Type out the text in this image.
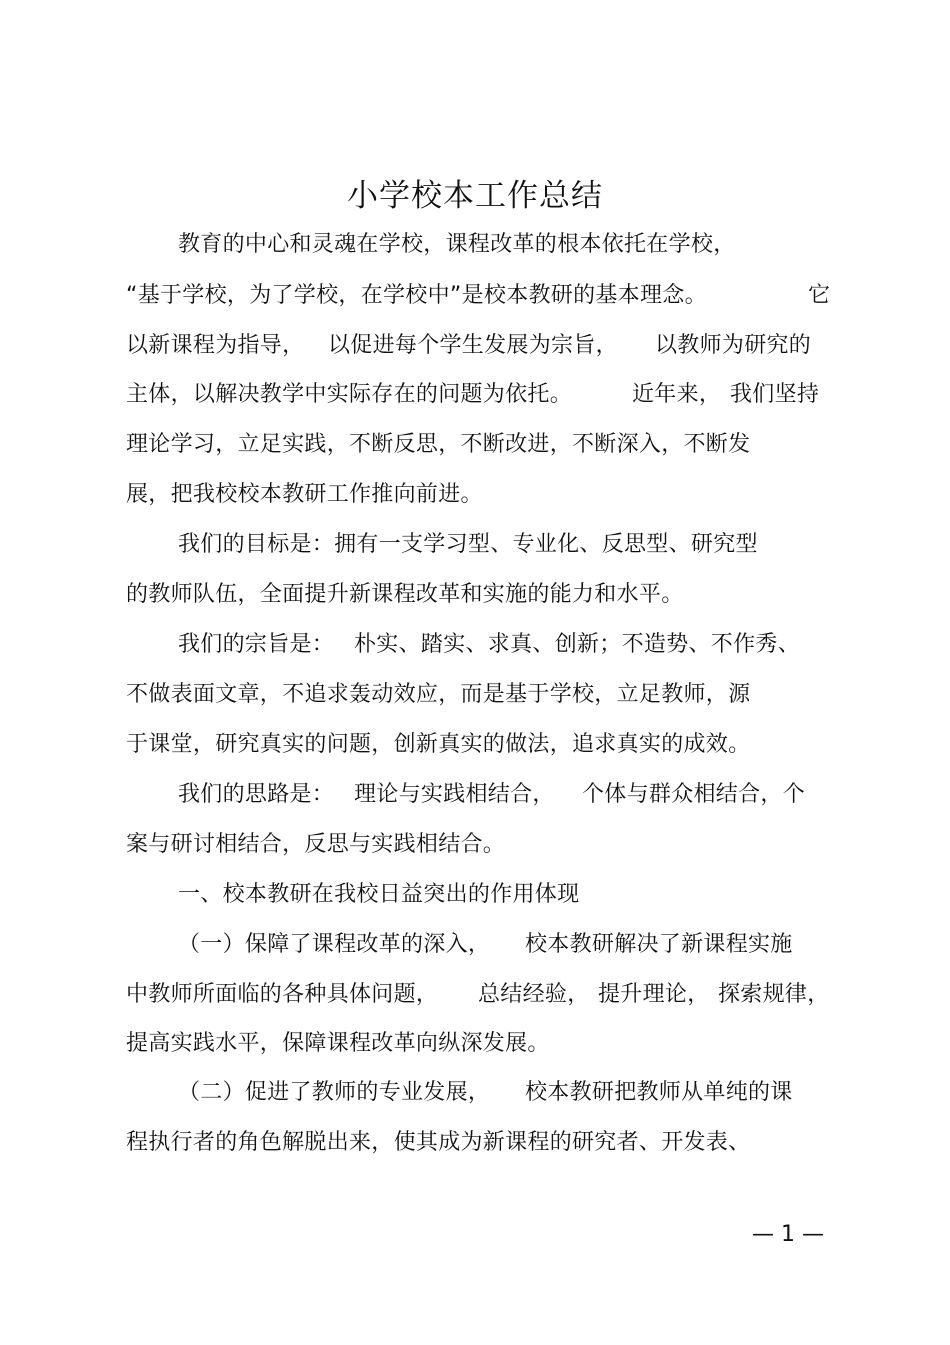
小学校本工作总结
教育的中心和灵魂在学校，课程改革的根本依托在学校，
“基于学校，为了学校，在学校中”是校本教研的基本理念。	它
以新课程为指导， 以促进每个学生发展为宗旨， 以教师为研究的
主体，以解决教学中实际存在的问题为依托。	近年来， 我们坚持
理论学习，立足实践，不断反思，不断改进，不断深入，不断发
展，把我校校本教研工作推向前进。
我们的目标是：拥有一支学习型、专业化、反思型、研究型
的教师队伍，全面提升新课程改革和实施的能力和水平。
我们的宗旨是： 朴实、踏实、求真、创新；不造势、不作秀、
不做表面文章，不追求轰动效应，而是基于学校，立足教师，源
于课堂，研究真实的问题，创新真实的做法，追求真实的成效。
我们的思路是： 理论与实践相结合， 个体与群众相结合，个
案与研讨相结合，反思与实践相结合。
一、校本教研在我校日益突出的作用体现
（一）保障了课程改革的深入， 校本教研解决了新课程实施
中教师所面临的各种具体问题， 总结经验， 提升理论， 探索规律，
提高实践水平，保障课程改革向纵深发展。
（二）促进了教师的专业发展， 校本教研把教师从单纯的课
程执行者的角色解脱出来，使其成为新课程的研究者、开发表、
— 1 —
